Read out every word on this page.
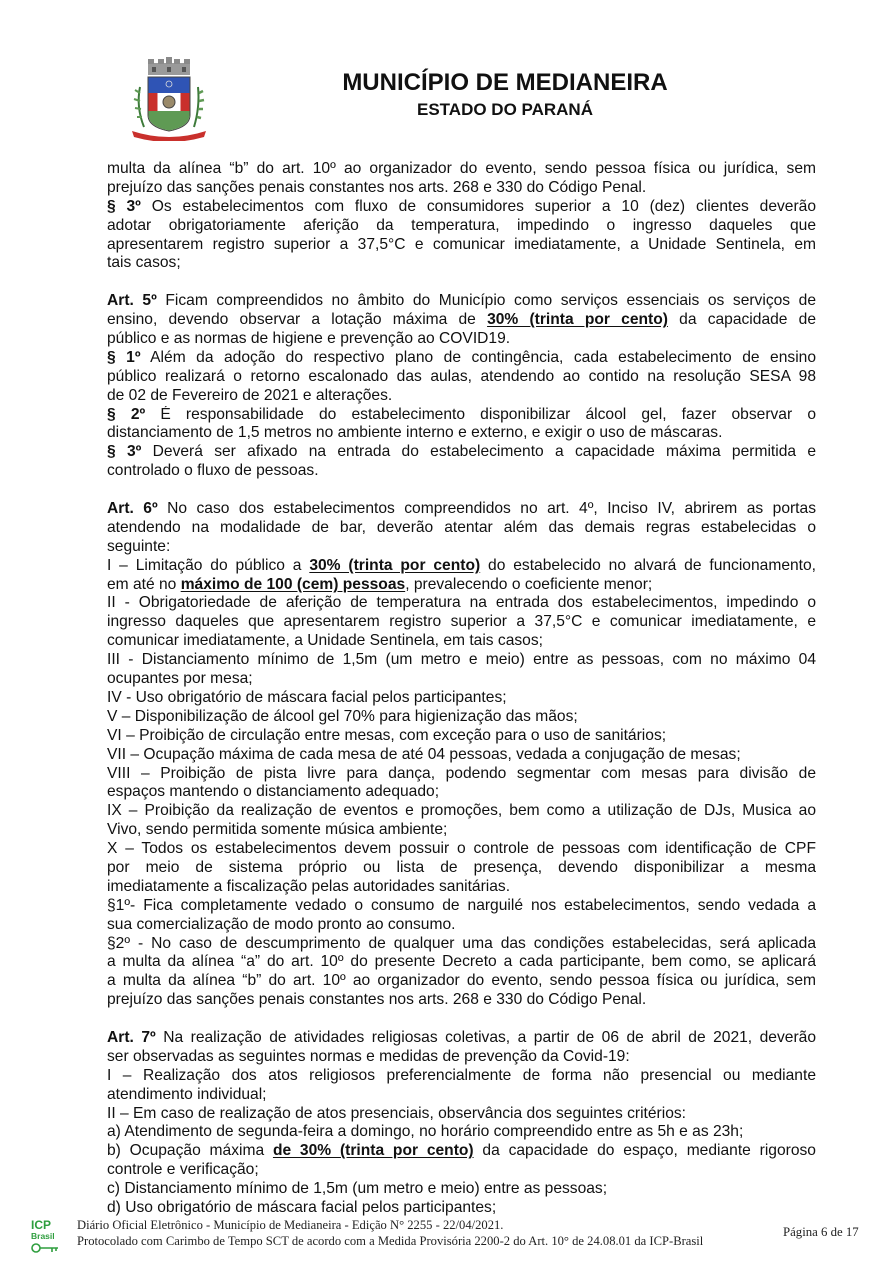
MUNICÍPIO DE MEDIANEIRA
ESTADO DO PARANÁ
multa da alínea “b” do art. 10º ao organizador do evento, sendo pessoa física ou jurídica, sem
prejuízo das sanções penais constantes nos arts. 268 e 330 do Código Penal.
§ 3º Os estabelecimentos com fluxo de consumidores superior a 10 (dez) clientes deverão
adotar obrigatoriamente aferição da temperatura, impedindo o ingresso daqueles que
apresentarem registro superior a 37,5°C e comunicar imediatamente, a Unidade Sentinela, em
tais casos;
Art. 5º Ficam compreendidos no âmbito do Município como serviços essenciais os serviços de
ensino, devendo observar a lotação máxima de 30% (trinta por cento) da capacidade de
público e as normas de higiene e prevenção ao COVID19.
§ 1º Além da adoção do respectivo plano de contingência, cada estabelecimento de ensino
público realizará o retorno escalonado das aulas, atendendo ao contido na resolução SESA 98
de 02 de Fevereiro de 2021 e alterações.
§ 2º É responsabilidade do estabelecimento disponibilizar álcool gel, fazer observar o
distanciamento de 1,5 metros no ambiente interno e externo, e exigir o uso de máscaras.
§ 3º Deverá ser afixado na entrada do estabelecimento a capacidade máxima permitida e
controlado o fluxo de pessoas.
Art. 6º No caso dos estabelecimentos compreendidos no art. 4º, Inciso IV, abrirem as portas
atendendo na modalidade de bar, deverão atentar além das demais regras estabelecidas o
seguinte:
I – Limitação do público a 30% (trinta por cento) do estabelecido no alvará de funcionamento,
em até no máximo de 100 (cem) pessoas, prevalecendo o coeficiente menor;
II - Obrigatoriedade de aferição de temperatura na entrada dos estabelecimentos, impedindo o
ingresso daqueles que apresentarem registro superior a 37,5°C e comunicar imediatamente, e
comunicar imediatamente, a Unidade Sentinela, em tais casos;
III - Distanciamento mínimo de 1,5m (um metro e meio) entre as pessoas, com no máximo 04
ocupantes por mesa;
IV - Uso obrigatório de máscara facial pelos participantes;
V – Disponibilização de álcool gel 70% para higienização das mãos;
VI – Proibição de circulação entre mesas, com exceção para o uso de sanitários;
VII – Ocupação máxima de cada mesa de até 04 pessoas, vedada a conjugação de mesas;
VIII – Proibição de pista livre para dança, podendo segmentar com mesas para divisão de
espaços mantendo o distanciamento adequado;
IX – Proibição da realização de eventos e promoções, bem como a utilização de DJs, Musica ao
Vivo, sendo permitida somente música ambiente;
X – Todos os estabelecimentos devem possuir o controle de pessoas com identificação de CPF
por meio de sistema próprio ou lista de presença, devendo disponibilizar a mesma
imediatamente a fiscalização pelas autoridades sanitárias.
§1º- Fica completamente vedado o consumo de narguilé nos estabelecimentos, sendo vedada a
sua comercialização de modo pronto ao consumo.
§2º - No caso de descumprimento de qualquer uma das condições estabelecidas, será aplicada
a multa da alínea “a” do art. 10º do presente Decreto a cada participante, bem como, se aplicará
a multa da alínea “b” do art. 10º ao organizador do evento, sendo pessoa física ou jurídica, sem
prejuízo das sanções penais constantes nos arts. 268 e 330 do Código Penal.
Art. 7º Na realização de atividades religiosas coletivas, a partir de 06 de abril de 2021, deverão
ser observadas as seguintes normas e medidas de prevenção da Covid-19:
I – Realização dos atos religiosos preferencialmente de forma não presencial ou mediante
atendimento individual;
II – Em caso de realização de atos presenciais, observância dos seguintes critérios:
a) Atendimento de segunda-feira a domingo, no horário compreendido entre as 5h e as 23h;
b) Ocupação máxima de 30% (trinta por cento) da capacidade do espaço, mediante rigoroso
controle e verificação;
c) Distanciamento mínimo de 1,5m (um metro e meio) entre as pessoas;
d) Uso obrigatório de máscara facial pelos participantes;
ICP
Brasil
Diário Oficial Eletrônico - Município de Medianeira - Edição N° 2255 - 22/04/2021.
Protocolado com Carimbo de Tempo SCT de acordo com a Medida Provisória 2200-2 do Art. 10° de 24.08.01 da ICP-Brasil
Página 6 de 17
